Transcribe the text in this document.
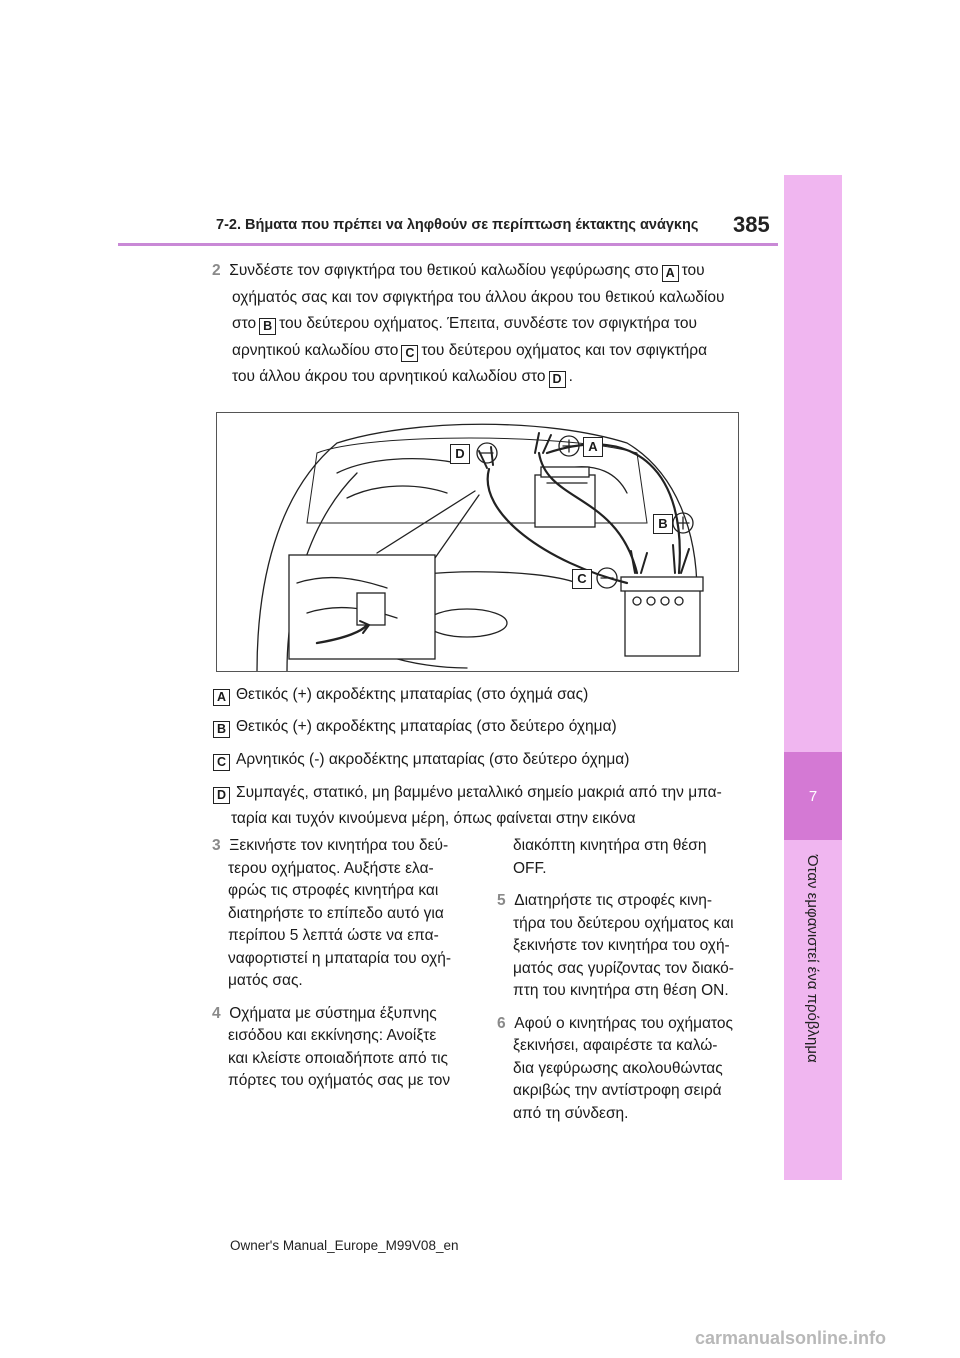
7
Όταν εμφανιστεί ένα πρόβλημα
7-2. Βήματα που πρέπει να ληφθούν σε περίπτωση έκτακτης ανάγκης 385
2 Συνδέστε τον σφιγκτήρα του θετικού καλωδίου γεφύρωσης στο A του
οχήματός σας και τον σφιγκτήρα του άλλου άκρου του θετικού καλωδίου
στο B του δεύτερου οχήματος. Έπειτα, συνδέστε τον σφιγκτήρα του
αρνητικού καλωδίου στο C του δεύτερου οχήματος και τον σφιγκτήρα
του άλλου άκρου του αρνητικού καλωδίου στο D .
D	A
B
C
A Θετικός (+) ακροδέκτης μπαταρίας (στο όχημά σας)
B Θετικός (+) ακροδέκτης μπαταρίας (στο δεύτερο όχημα)
C Αρνητικός (-) ακροδέκτης μπαταρίας (στο δεύτερο όχημα)
D Συμπαγές, στατικό, μη βαμμένο μεταλλικό σημείο μακριά από την μπα-
ταρία και τυχόν κινούμενα μέρη, όπως φαίνεται στην εικόνα

3 Ξεκινήστε τον κινητήρα του δεύ-
τερου οχήματος. Αυξήστε ελα-
φρώς τις στροφές κινητήρα και
διατηρήστε το επίπεδο αυτό για
περίπου 5 λεπτά ώστε να επα-
ναφορτιστεί η μπαταρία του οχή-
ματός σας.

4 Οχήματα με σύστημα έξυπνης
εισόδου και εκκίνησης: Ανοίξτε
και κλείστε οποιαδήποτε από τις
πόρτες του οχήματός σας με τον

διακόπτη κινητήρα στη θέση
OFF.

5 Διατηρήστε τις στροφές κινη-
τήρα του δεύτερου οχήματος και
ξεκινήστε τον κινητήρα του οχή-
ματός σας γυρίζοντας τον διακό-
πτη του κινητήρα στη θέση ON.

6 Αφού ο κινητήρας του οχήματος
ξεκινήσει, αφαιρέστε τα καλώ-
δια γεφύρωσης ακολουθώντας
ακριβώς την αντίστροφη σειρά
από τη σύνδεση.

Owner's Manual_Europe_M99V08_en
carmanualsonline.info
